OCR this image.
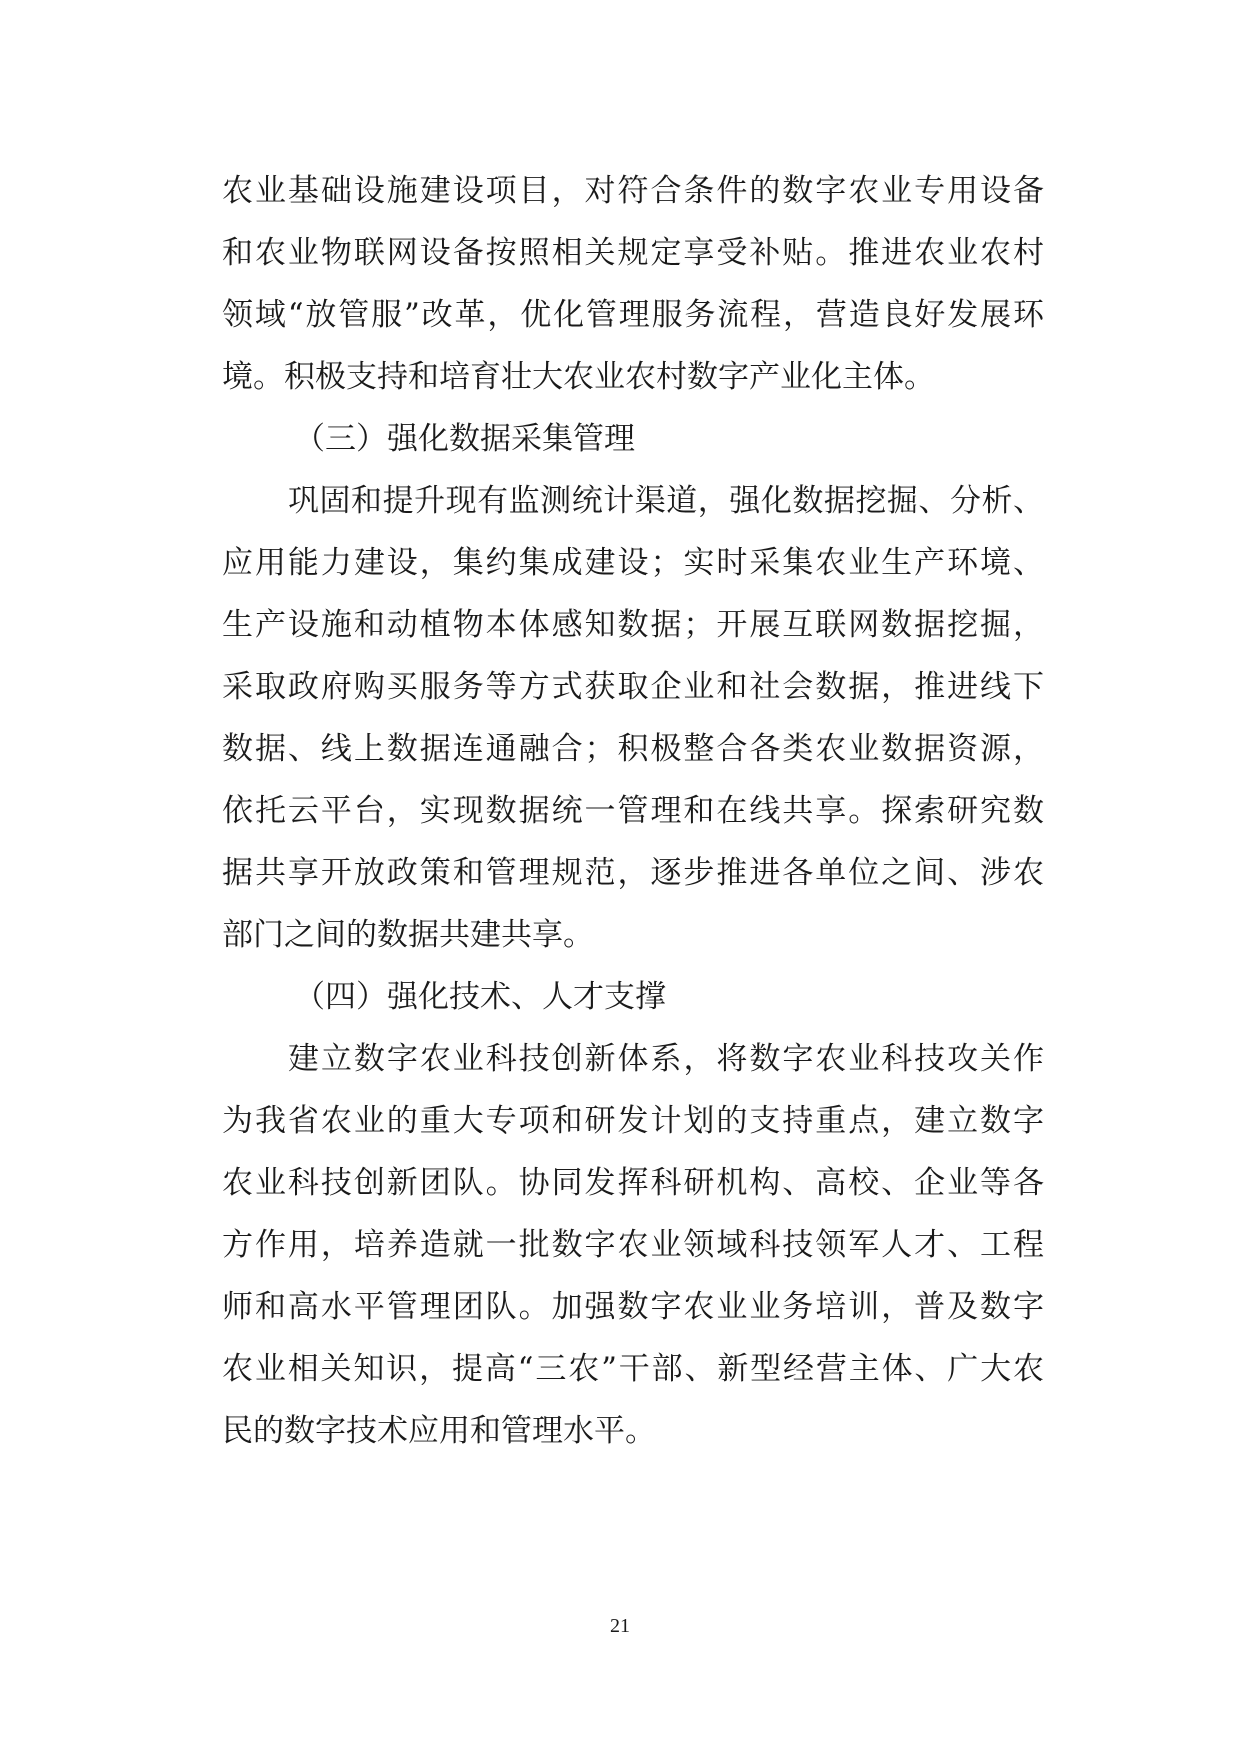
农业基础设施建设项目，对符合条件的数字农业专用设备
和农业物联网设备按照相关规定享受补贴。推进农业农村
领域“放管服”改革，优化管理服务流程，营造良好发展环
境。积极支持和培育壮大农业农村数字产业化主体。
（三）强化数据采集管理
巩固和提升现有监测统计渠道，强化数据挖掘、分析、
应用能力建设，集约集成建设；实时采集农业生产环境、
生产设施和动植物本体感知数据；开展互联网数据挖掘，
采取政府购买服务等方式获取企业和社会数据，推进线下
数据、线上数据连通融合；积极整合各类农业数据资源，
依托云平台，实现数据统一管理和在线共享。探索研究数
据共享开放政策和管理规范，逐步推进各单位之间、涉农
部门之间的数据共建共享。
（四）强化技术、人才支撑
建立数字农业科技创新体系，将数字农业科技攻关作
为我省农业的重大专项和研发计划的支持重点，建立数字
农业科技创新团队。协同发挥科研机构、高校、企业等各
方作用，培养造就一批数字农业领域科技领军人才、工程
师和高水平管理团队。加强数字农业业务培训，普及数字
农业相关知识，提高“三农”干部、新型经营主体、广大农
民的数字技术应用和管理水平。
21
